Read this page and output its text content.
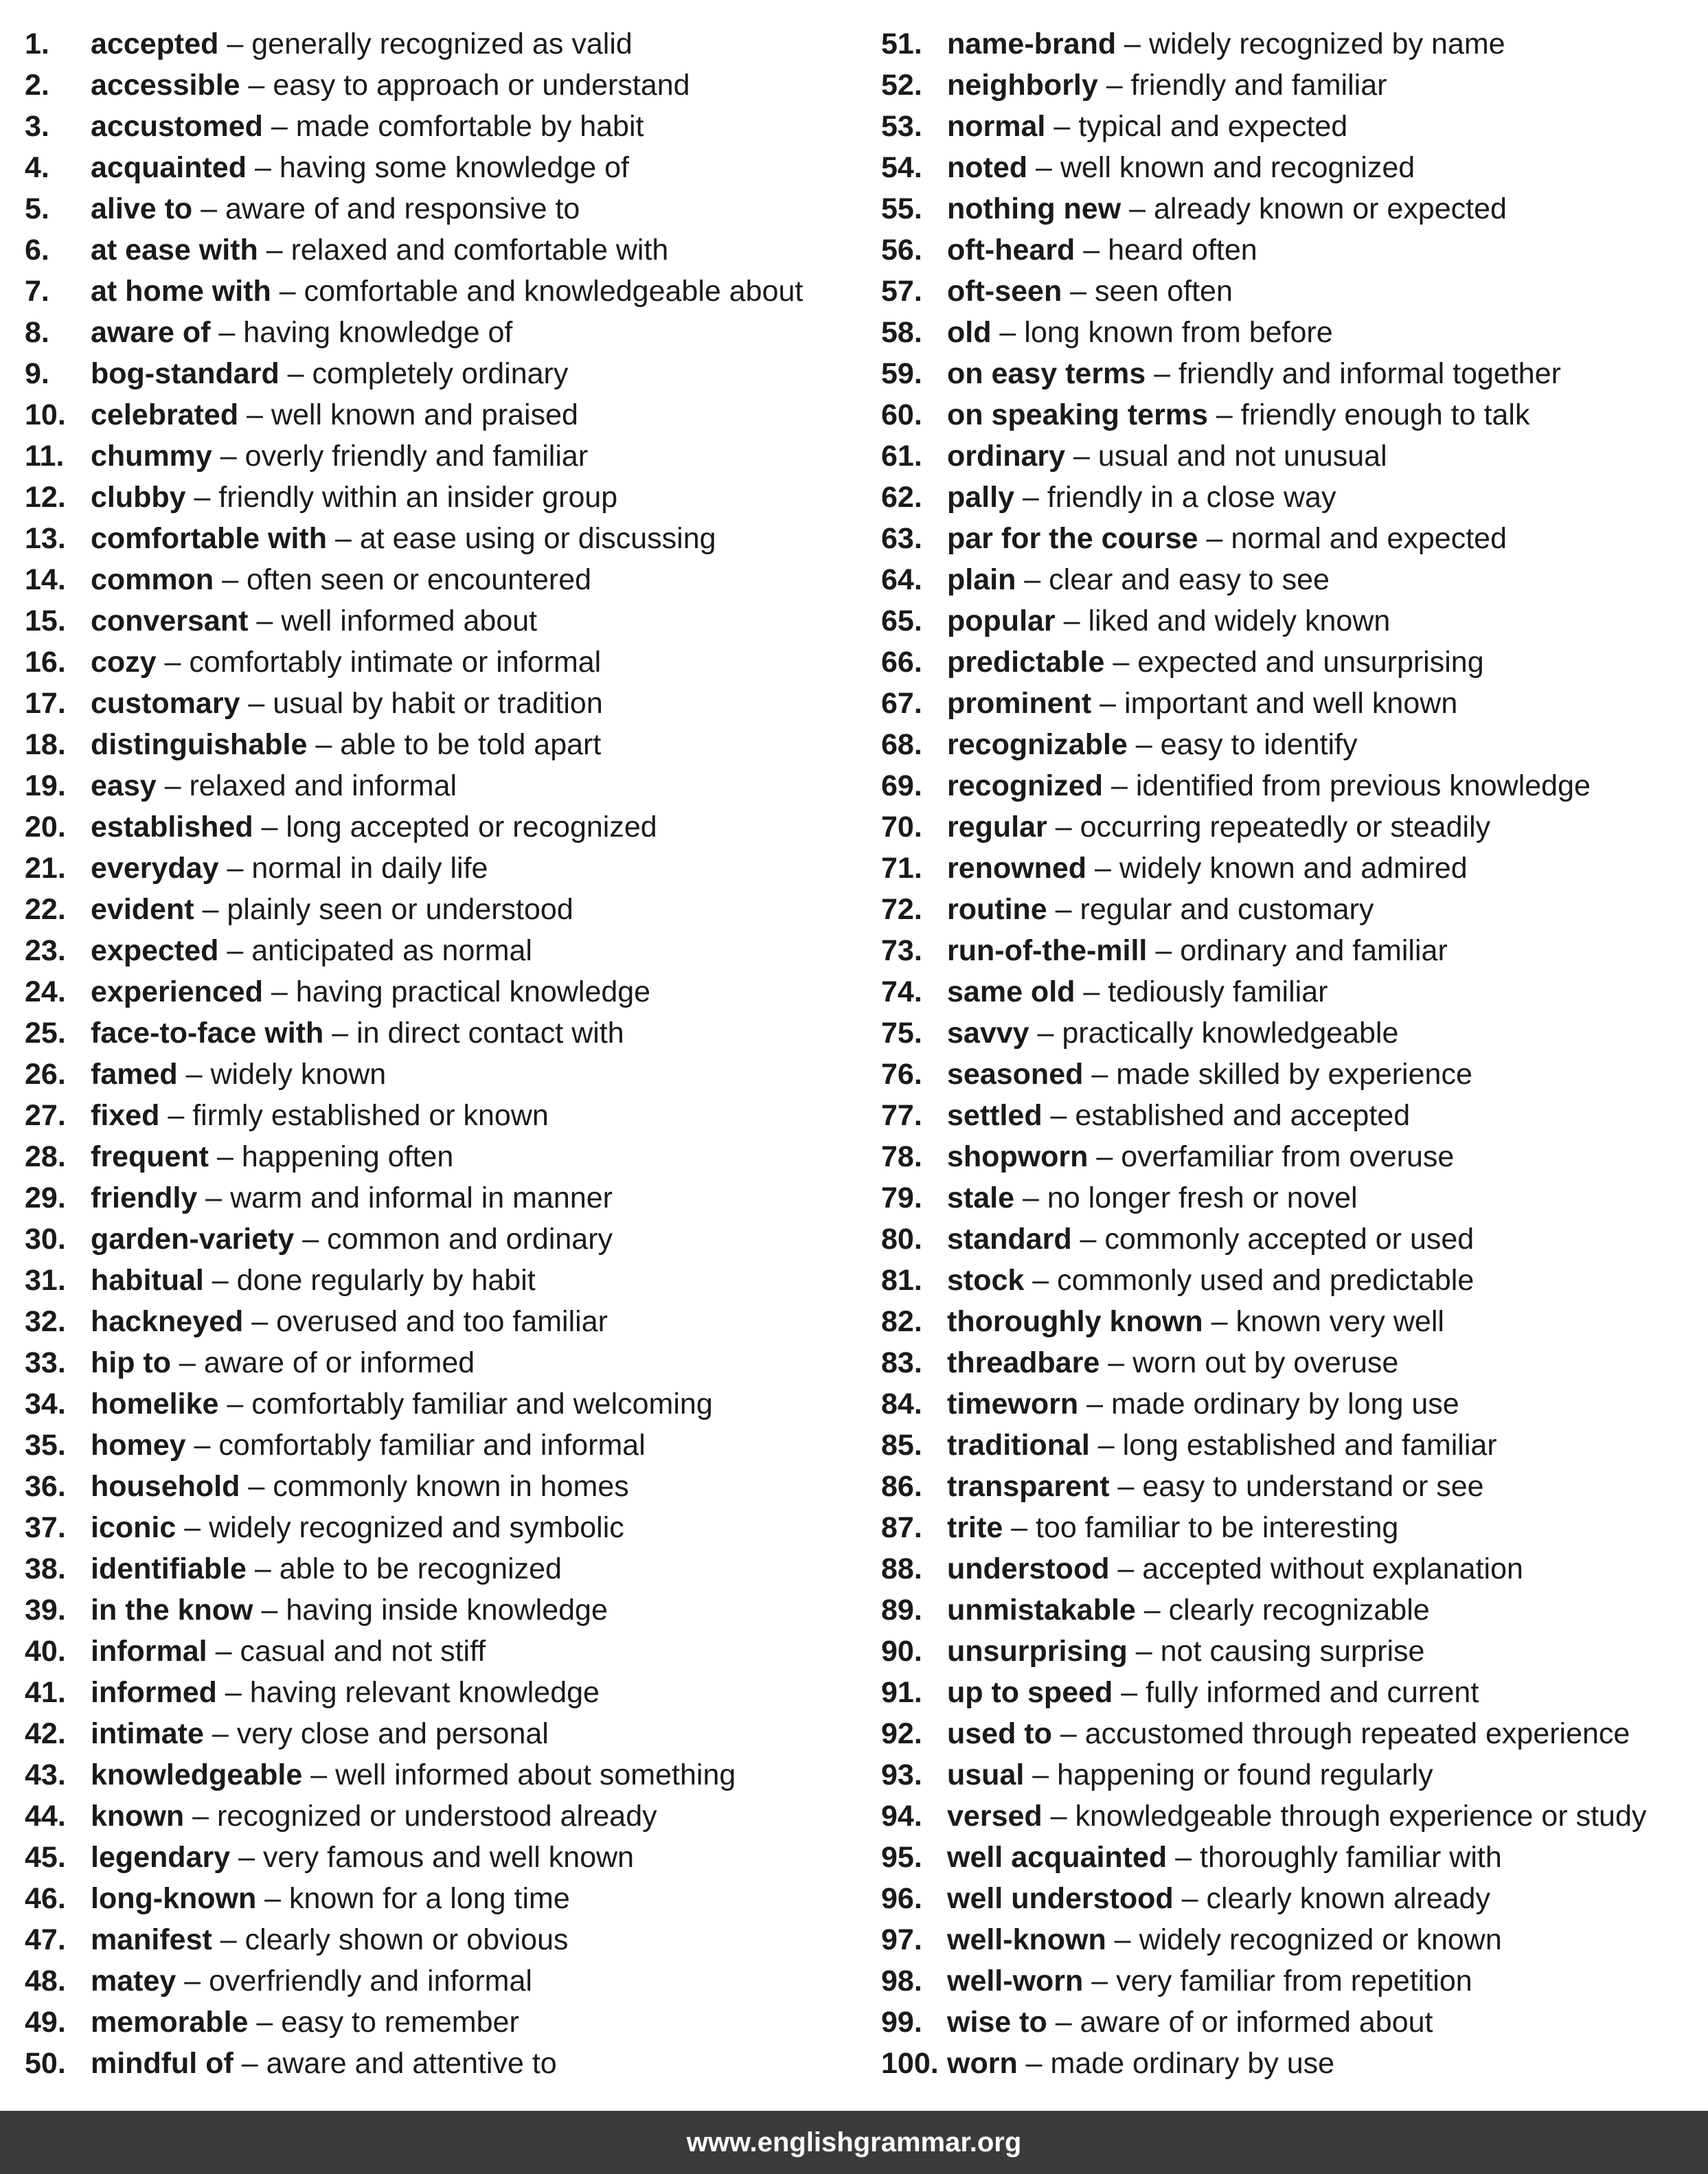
1. accepted – generally recognized as valid
2. accessible – easy to approach or understand
3. accustomed – made comfortable by habit
4. acquainted – having some knowledge of
5. alive to – aware of and responsive to
6. at ease with – relaxed and comfortable with
7. at home with – comfortable and knowledgeable about
8. aware of – having knowledge of
9. bog-standard – completely ordinary
10. celebrated – well known and praised
11. chummy – overly friendly and familiar
12. clubby – friendly within an insider group
13. comfortable with – at ease using or discussing
14. common – often seen or encountered
15. conversant – well informed about
16. cozy – comfortably intimate or informal
17. customary – usual by habit or tradition
18. distinguishable – able to be told apart
19. easy – relaxed and informal
20. established – long accepted or recognized
21. everyday – normal in daily life
22. evident – plainly seen or understood
23. expected – anticipated as normal
24. experienced – having practical knowledge
25. face-to-face with – in direct contact with
26. famed – widely known
27. fixed – firmly established or known
28. frequent – happening often
29. friendly – warm and informal in manner
30. garden-variety – common and ordinary
31. habitual – done regularly by habit
32. hackneyed – overused and too familiar
33. hip to – aware of or informed
34. homelike – comfortably familiar and welcoming
35. homey – comfortably familiar and informal
36. household – commonly known in homes
37. iconic – widely recognized and symbolic
38. identifiable – able to be recognized
39. in the know – having inside knowledge
40. informal – casual and not stiff
41. informed – having relevant knowledge
42. intimate – very close and personal
43. knowledgeable – well informed about something
44. known – recognized or understood already
45. legendary – very famous and well known
46. long-known – known for a long time
47. manifest – clearly shown or obvious
48. matey – overfriendly and informal
49. memorable – easy to remember
50. mindful of – aware and attentive to
51. name-brand – widely recognized by name
52. neighborly – friendly and familiar
53. normal – typical and expected
54. noted – well known and recognized
55. nothing new – already known or expected
56. oft-heard – heard often
57. oft-seen – seen often
58. old – long known from before
59. on easy terms – friendly and informal together
60. on speaking terms – friendly enough to talk
61. ordinary – usual and not unusual
62. pally – friendly in a close way
63. par for the course – normal and expected
64. plain – clear and easy to see
65. popular – liked and widely known
66. predictable – expected and unsurprising
67. prominent – important and well known
68. recognizable – easy to identify
69. recognized – identified from previous knowledge
70. regular – occurring repeatedly or steadily
71. renowned – widely known and admired
72. routine – regular and customary
73. run-of-the-mill – ordinary and familiar
74. same old – tediously familiar
75. savvy – practically knowledgeable
76. seasoned – made skilled by experience
77. settled – established and accepted
78. shopworn – overfamiliar from overuse
79. stale – no longer fresh or novel
80. standard – commonly accepted or used
81. stock – commonly used and predictable
82. thoroughly known – known very well
83. threadbare – worn out by overuse
84. timeworn – made ordinary by long use
85. traditional – long established and familiar
86. transparent – easy to understand or see
87. trite – too familiar to be interesting
88. understood – accepted without explanation
89. unmistakable – clearly recognizable
90. unsurprising – not causing surprise
91. up to speed – fully informed and current
92. used to – accustomed through repeated experience
93. usual – happening or found regularly
94. versed – knowledgeable through experience or study
95. well acquainted – thoroughly familiar with
96. well understood – clearly known already
97. well-known – widely recognized or known
98. well-worn – very familiar from repetition
99. wise to – aware of or informed about
100. worn – made ordinary by use
www.englishgrammar.org
